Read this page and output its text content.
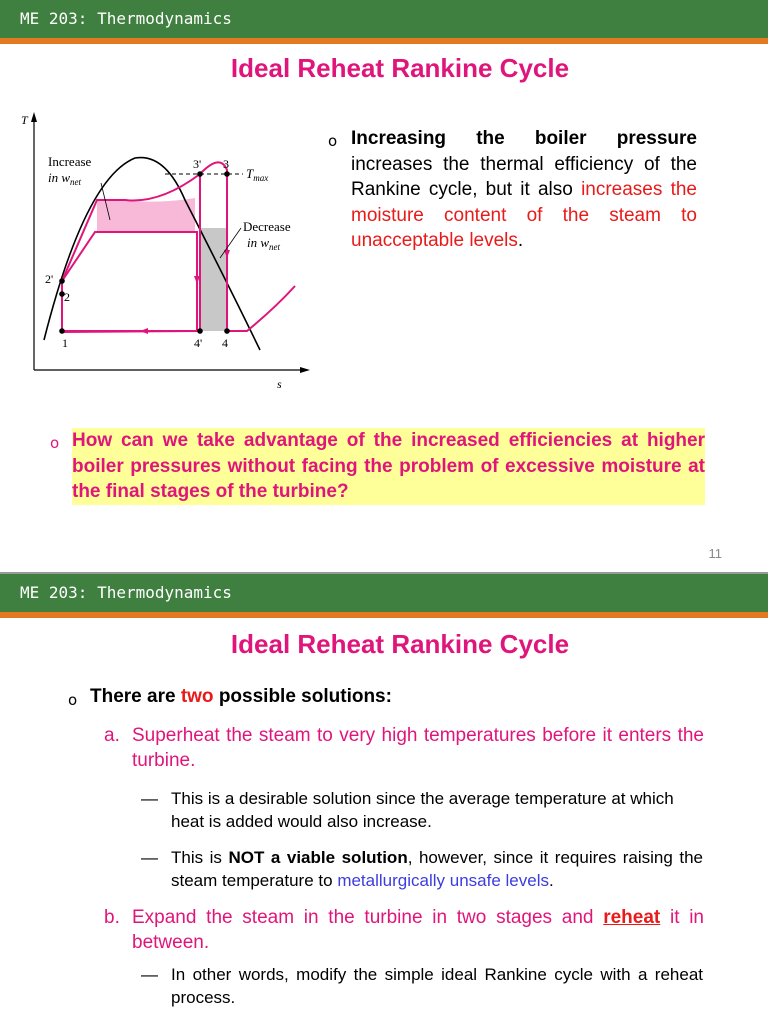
ME 203: Thermodynamics
Ideal Reheat Rankine Cycle
T
s
Increase
in $w_{net}$
Decrease
in $w_{net}$
$T_{max}$
3' 3
2'
2
1	4' 4
o Increasing the boiler pressure increases the thermal efficiency of the Rankine cycle, but it also increases the moisture content of the steam to unacceptable levels.
o How can we take advantage of the increased efficiencies at higher boiler pressures without facing the problem of excessive moisture at the final stages of the turbine?
11
ME 203: Thermodynamics
Ideal Reheat Rankine Cycle
o There are two possible solutions:
a. Superheat the steam to very high temperatures before it enters the turbine.
— This is a desirable solution since the average temperature at which heat is added would also increase.
— This is NOT a viable solution, however, since it requires raising the steam temperature to metallurgically unsafe levels.
b. Expand the steam in the turbine in two stages and reheat it in between.
— In other words, modify the simple ideal Rankine cycle with a reheat process.
